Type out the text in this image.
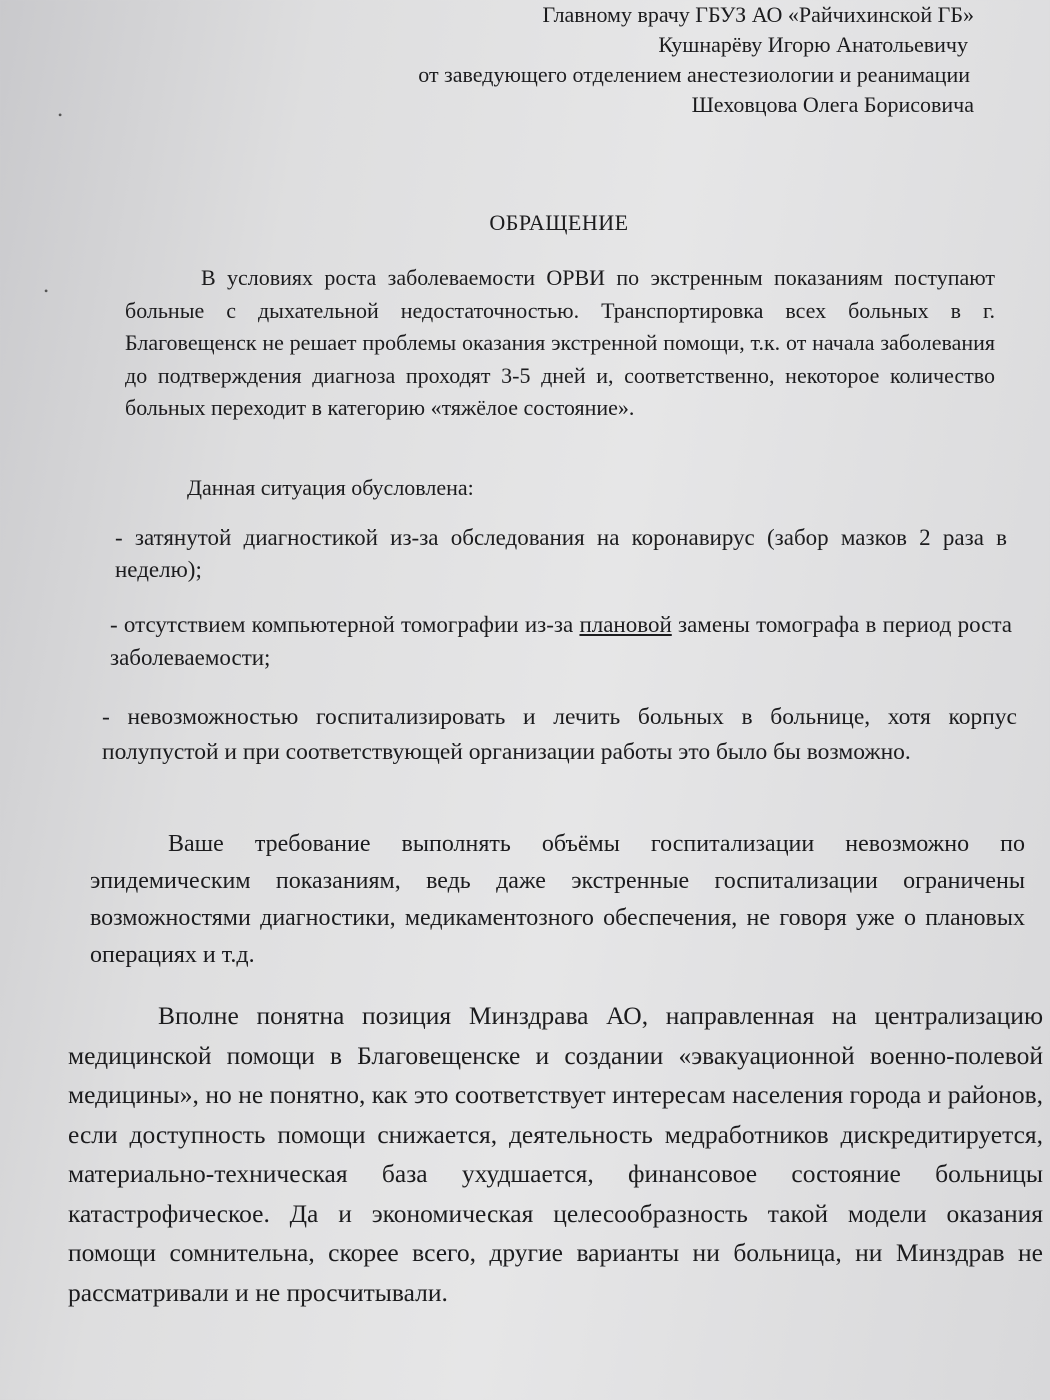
Главному врачу ГБУЗ АО «Райчихинской ГБ»
Кушнарёву Игорю Анатольевичу
от заведующего отделением анестезиологии и реанимации
Шеховцова Олега Борисовича
ОБРАЩЕНИЕ
В условиях роста заболеваемости ОРВИ по экстренным показаниям поступают больные с дыхательной недостаточностью. Транспортировка всех больных в г. Благовещенск не решает проблемы оказания экстренной помощи, т.к. от начала заболевания до подтверждения диагноза проходят 3-5 дней и, соответственно, некоторое количество больных переходит в категорию «тяжёлое состояние».
Данная ситуация обусловлена:
- затянутой диагностикой из-за обследования на коронавирус (забор мазков 2 раза в неделю);
- отсутствием компьютерной томографии из-за плановой замены томографа в период роста заболеваемости;
- невозможностью госпитализировать и лечить больных в больнице, хотя корпус полупустой и при соответствующей организации работы это было бы возможно.
Ваше требование выполнять объёмы госпитализации невозможно по эпидемическим показаниям, ведь даже экстренные госпитализации ограничены возможностями диагностики, медикаментозного обеспечения, не говоря уже о плановых операциях и т.д.
Вполне понятна позиция Минздрава АО, направленная на централизацию медицинской помощи в Благовещенске и создании «эвакуационной военно-полевой медицины», но не понятно, как это соответствует интересам населения города и районов, если доступность помощи снижается, деятельность медработников дискредитируется, материально-техническая база ухудшается, финансовое состояние больницы катастрофическое. Да и экономическая целесообразность такой модели оказания помощи сомнительна, скорее всего, другие варианты ни больница, ни Минздрав не рассматривали и не просчитывали.
•
•
